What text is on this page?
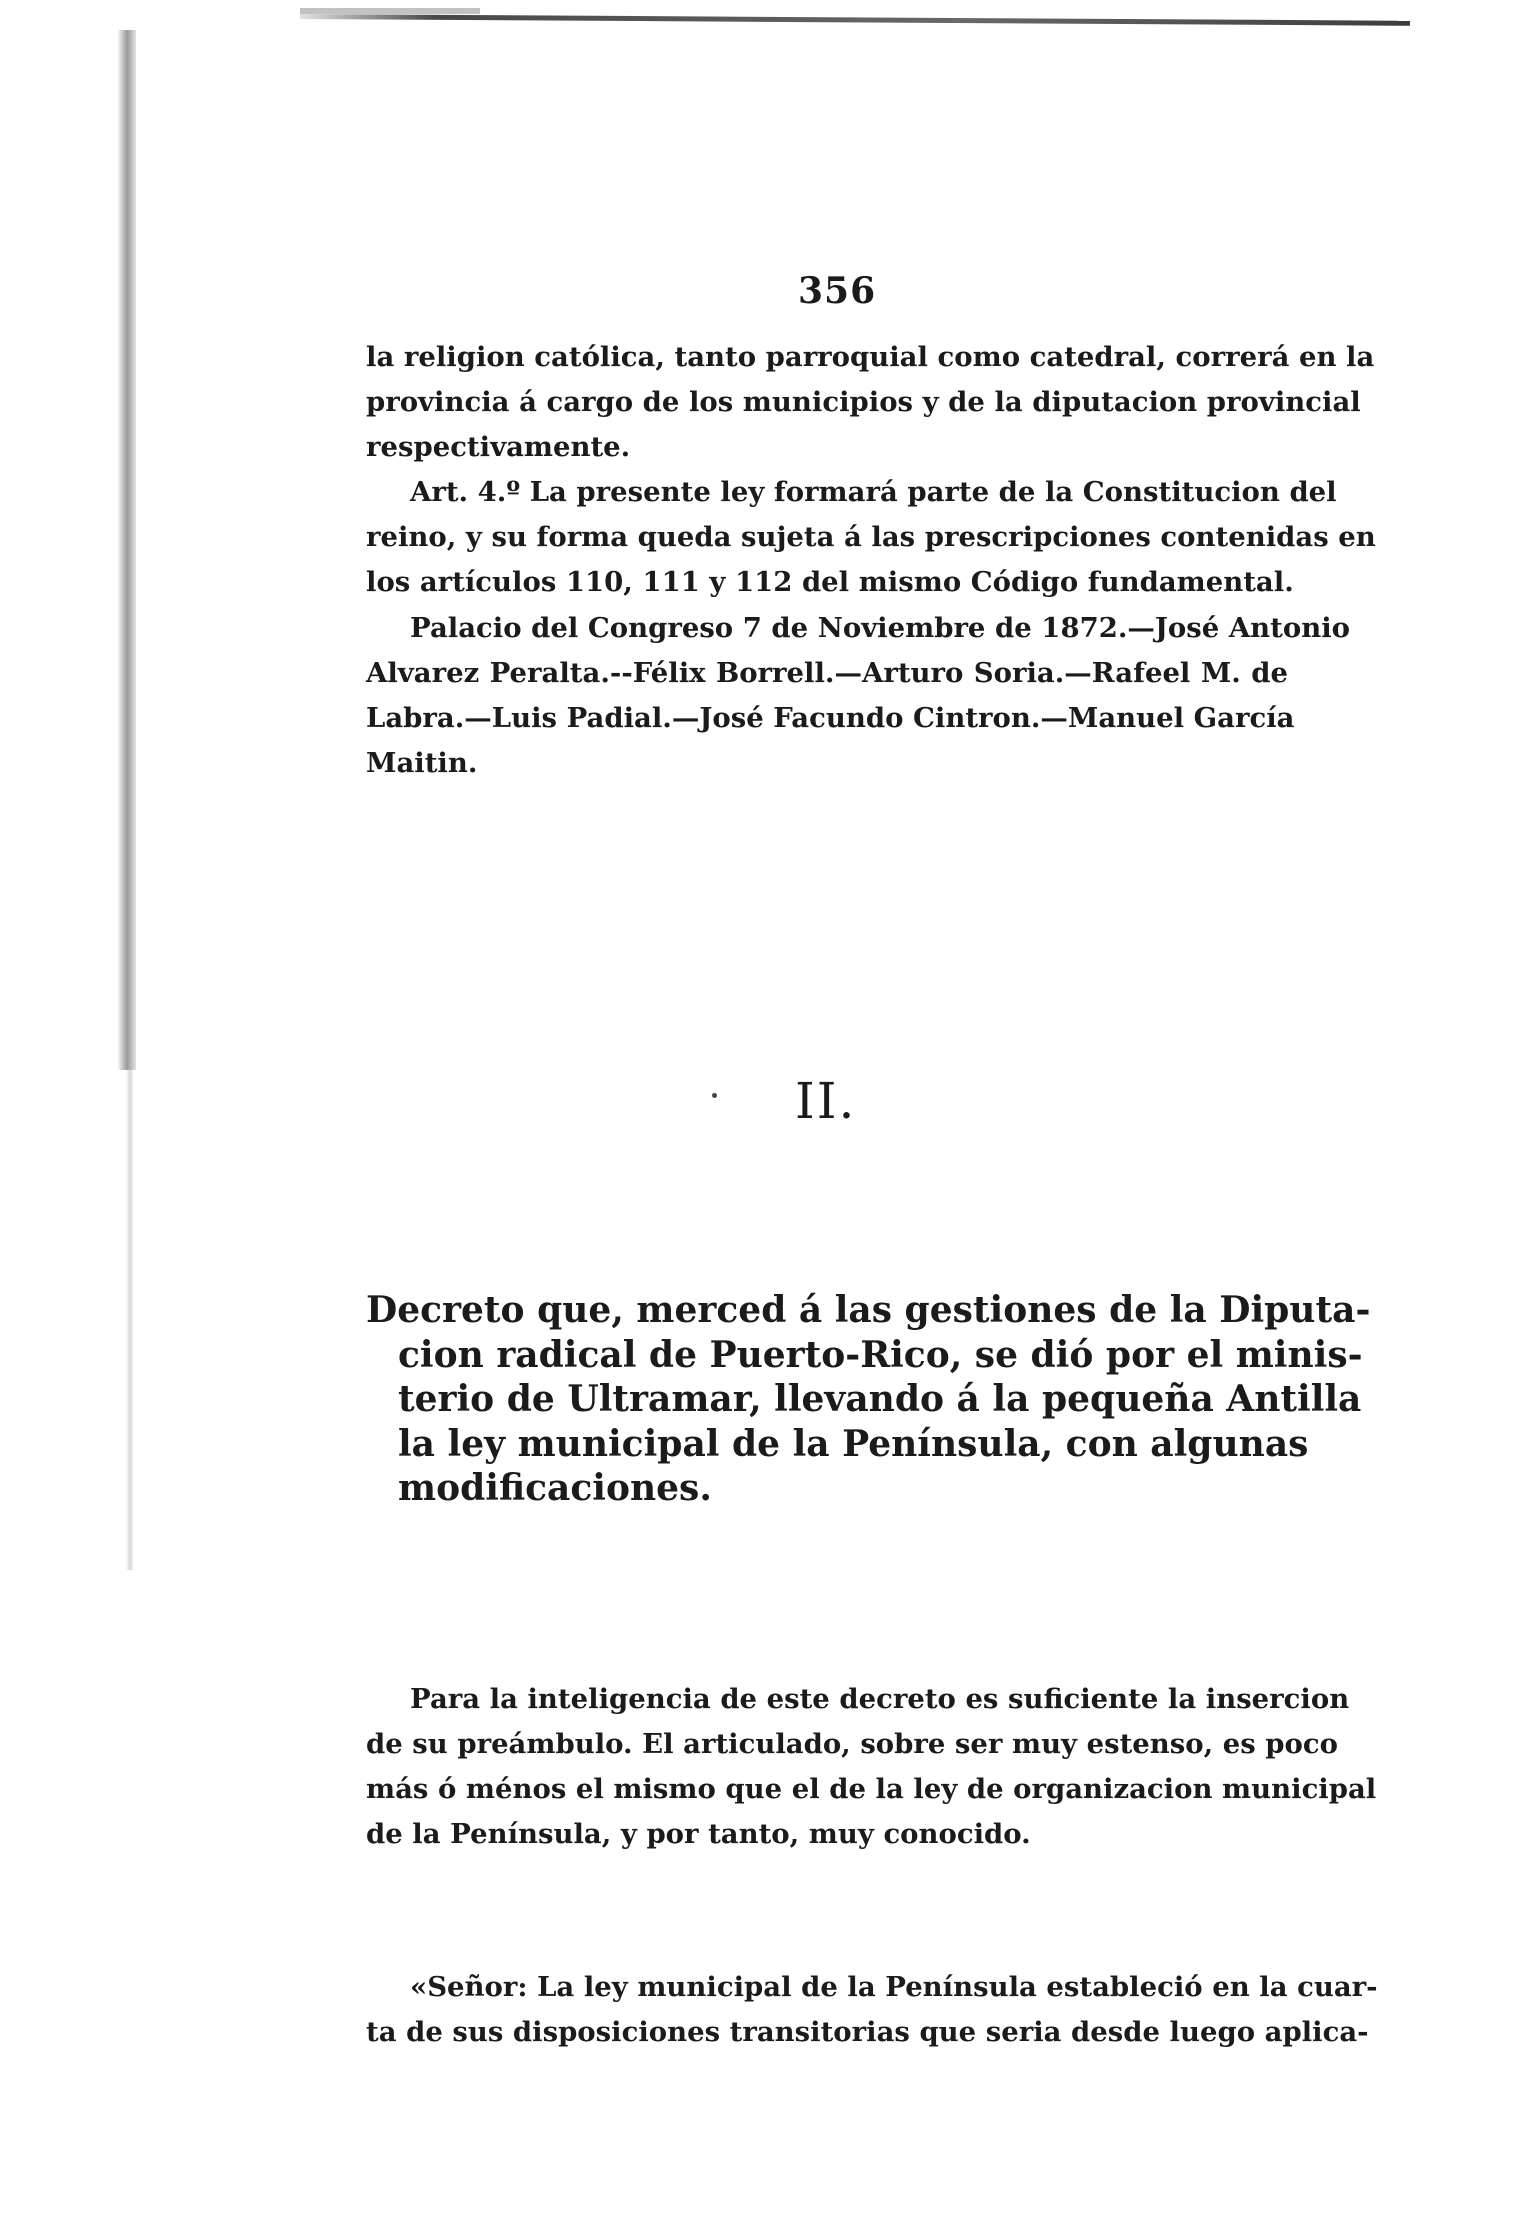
356
la religion católica, tanto parroquial como catedral, correrá en la
provincia á cargo de los municipios y de la diputacion provincial
respectivamente.
Art. 4.º La presente ley formará parte de la Constitucion del
reino, y su forma queda sujeta á las prescripciones contenidas en
los artículos 110, 111 y 112 del mismo Código fundamental.
Palacio del Congreso 7 de Noviembre de 1872.—José Antonio
Alvarez Peralta.--Félix Borrell.—Arturo Soria.—Rafeel M. de
Labra.—Luis Padial.—José Facundo Cintron.—Manuel García
Maitin.
II.
Decreto que, merced á las gestiones de la Diputa-
cion radical de Puerto-Rico, se dió por el minis-
terio de Ultramar, llevando á la pequeña Antilla
la ley municipal de la Península, con algunas
modificaciones.
Para la inteligencia de este decreto es suficiente la insercion
de su preámbulo. El articulado, sobre ser muy estenso, es poco
más ó ménos el mismo que el de la ley de organizacion municipal
de la Península, y por tanto, muy conocido.
«Señor: La ley municipal de la Península estableció en la cuar-
ta de sus disposiciones transitorias que seria desde luego aplica-
